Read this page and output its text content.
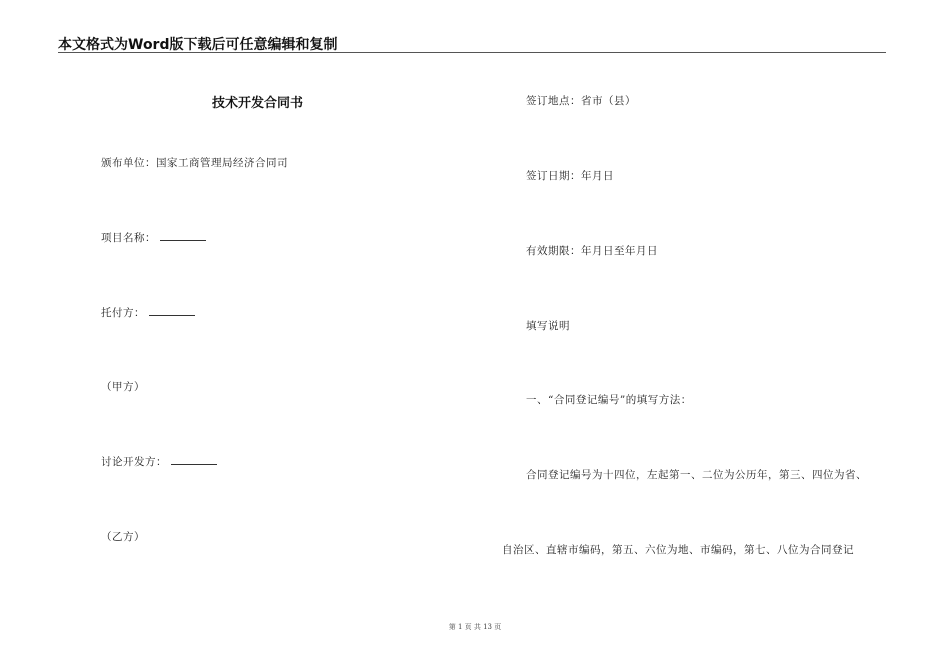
本文格式为Word版下载后可任意编辑和复制
技术开发合同书
颁布单位：国家工商管理局经济合同司
项目名称：
托付方：
（甲方）
讨论开发方：
（乙方）
签订地点：省市（县）
签订日期：年月日
有效期限：年月日至年月日
填写说明
一、“合同登记编号”的填写方法：
合同登记编号为十四位，左起第一、二位为公历年，第三、四位为省、
自治区、直辖市编码，第五、六位为地、市编码，第七、八位为合同登记
第 1 页 共 13 页
